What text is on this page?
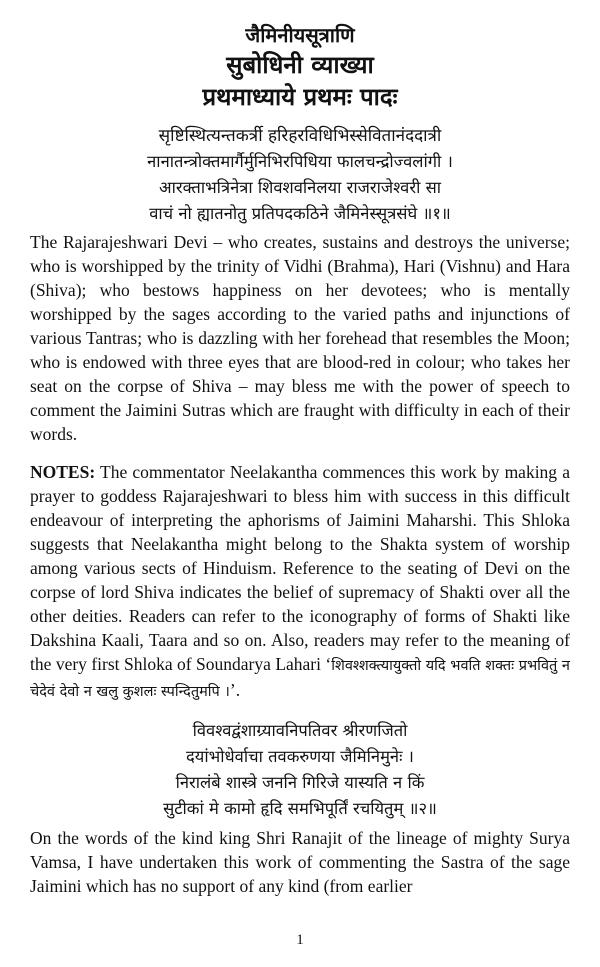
जैमिनीयसूत्राणि
सुबोधिनी व्याख्या
प्रथमाध्याये प्रथमः पादः
सृष्टिस्थित्यन्तकर्त्री हरिहरविधिभिस्सेवितानंददात्री
नानातन्त्रोक्तमार्गैर्मुनिभिरपिधिया फालचन्द्रोज्वलांगी ।
आरक्ताभत्रिनेत्रा शिवशवनिलया राजराजेश्वरी सा
वाचं नो ह्यातनोतु प्रतिपदकठिने जैमिनेस्सूत्रसंघे ॥१॥

The Rajarajeshwari Devi – who creates, sustains and destroys the universe; who is worshipped by the trinity of Vidhi (Brahma), Hari (Vishnu) and Hara (Shiva); who bestows happiness on her devotees; who is mentally worshipped by the sages according to the varied paths and injunctions of various Tantras; who is dazzling with her forehead that resembles the Moon; who is endowed with three eyes that are blood-red in colour; who takes her seat on the corpse of Shiva – may bless me with the power of speech to comment the Jaimini Sutras which are fraught with difficulty in each of their words.

NOTES: The commentator Neelakantha commences this work by making a prayer to goddess Rajarajeshwari to bless him with success in this difficult endeavour of interpreting the aphorisms of Jaimini Maharshi. This Shloka suggests that Neelakantha might belong to the Shakta system of worship among various sects of Hinduism. Reference to the seating of Devi on the corpse of lord Shiva indicates the belief of supremacy of Shakti over all the other deities. Readers can refer to the iconography of forms of Shakti like Dakshina Kaali, Taara and so on. Also, readers may refer to the meaning of the very first Shloka of Soundarya Lahari ‘शिवश्शक्त्यायुक्तो यदि भवति शक्तः प्रभवितुं न चेदेवं देवो न खलु कुशलः स्पन्दितुमपि ।’.

विवश्वद्वंशाग्र्यावनिपतिवर श्रीरणजितो
दयांभोधेर्वाचा तवकरुणया जैमिनिमुनेः ।
निरालंबे शास्त्रे जननि गिरिजे यास्यति न किं
सुटीकां मे कामो हृदि समभिपूर्तिं रचयितुम् ॥२॥

On the words of the kind king Shri Ranajit of the lineage of mighty Surya Vamsa, I have undertaken this work of commenting the Sastra of the sage Jaimini which has no support of any kind (from earlier

1
